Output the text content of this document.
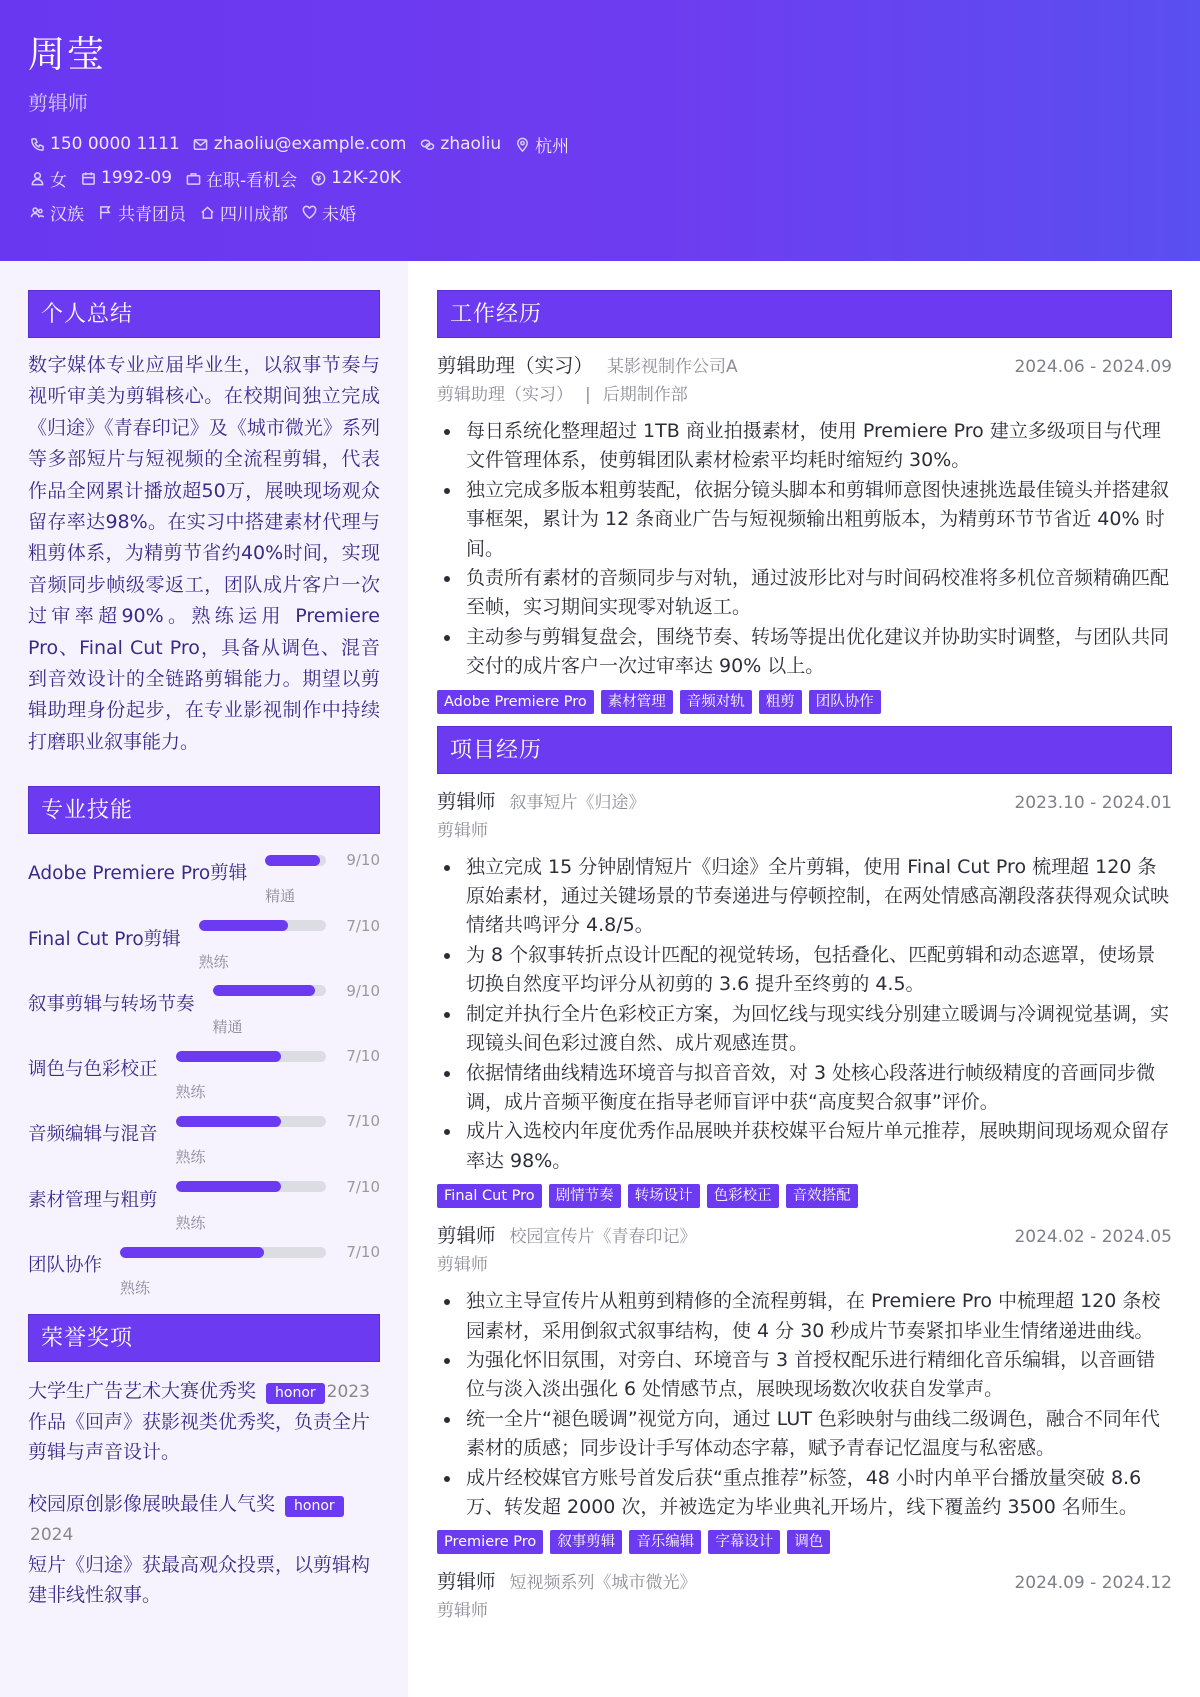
周莹
剪辑师
150 0000 1111 zhaoliu@example.com zhaoliu 杭州
女 1992-09 在职-看机会 12K-20K
汉族 共青团员 四川成都 未婚
个人总结
数字媒体专业应届毕业生，以叙事节奏与视听审美为剪辑核心。在校期间独立完成《归途》《青春印记》及《城市微光》系列等多部短片与短视频的全流程剪辑，代表作品全网累计播放超50万，展映现场观众留存率达98%。在实习中搭建素材代理与粗剪体系，为精剪节省约40%时间，实现音频同步帧级零返工，团队成片客户一次过审率超90%。熟练运用 Premiere Pro、Final Cut Pro，具备从调色、混音到音效设计的全链路剪辑能力。期望以剪辑助理身份起步，在专业影视制作中持续打磨职业叙事能力。
专业技能
Adobe Premiere Pro剪辑
9/10
精通
Final Cut Pro剪辑
7/10
熟练
叙事剪辑与转场节奏
9/10
精通
调色与色彩校正
7/10
熟练
音频编辑与混音
7/10
熟练
素材管理与粗剪
7/10
熟练
团队协作
7/10
熟练
荣誉奖项
大学生广告艺术大赛优秀奖 honor 2023
作品《回声》获影视类优秀奖，负责全片剪辑与声音设计。
校园原创影像展映最佳人气奖 honor2024
短片《归途》获最高观众投票，以剪辑构建非线性叙事。
工作经历
剪辑助理（实习） 某影视制作公司A	2024.06 - 2024.09
剪辑助理（实习） | 后期制作部
每日系统化整理超过 1TB 商业拍摄素材，使用 Premiere Pro 建立多级项目与代理文件管理体系，使剪辑团队素材检索平均耗时缩短约 30%。
独立完成多版本粗剪装配，依据分镜头脚本和剪辑师意图快速挑选最佳镜头并搭建叙事框架，累计为 12 条商业广告与短视频输出粗剪版本，为精剪环节节省近 40% 时间。
负责所有素材的音频同步与对轨，通过波形比对与时间码校准将多机位音频精确匹配至帧，实习期间实现零对轨返工。
主动参与剪辑复盘会，围绕节奏、转场等提出优化建议并协助实时调整，与团队共同交付的成片客户一次过审率达 90% 以上。
Adobe Premiere Pro	素材管理	音频对轨	粗剪	团队协作
项目经历
剪辑师 叙事短片《归途》	2023.10 - 2024.01
剪辑师
独立完成 15 分钟剧情短片《归途》全片剪辑，使用 Final Cut Pro 梳理超 120 条原始素材，通过关键场景的节奏递进与停顿控制，在两处情感高潮段落获得观众试映情绪共鸣评分 4.8/5。
为 8 个叙事转折点设计匹配的视觉转场，包括叠化、匹配剪辑和动态遮罩，使场景切换自然度平均评分从初剪的 3.6 提升至终剪的 4.5。
制定并执行全片色彩校正方案，为回忆线与现实线分别建立暖调与冷调视觉基调，实现镜头间色彩过渡自然、成片观感连贯。
依据情绪曲线精选环境音与拟音音效，对 3 处核心段落进行帧级精度的音画同步微调，成片音频平衡度在指导老师盲评中获“高度契合叙事”评价。
成片入选校内年度优秀作品展映并获校媒平台短片单元推荐，展映期间现场观众留存率达 98%。
Final Cut Pro	剧情节奏	转场设计	色彩校正	音效搭配
剪辑师 校园宣传片《青春印记》	2024.02 - 2024.05
剪辑师
独立主导宣传片从粗剪到精修的全流程剪辑，在 Premiere Pro 中梳理超 120 条校园素材，采用倒叙式叙事结构，使 4 分 30 秒成片节奏紧扣毕业生情绪递进曲线。
为强化怀旧氛围，对旁白、环境音与 3 首授权配乐进行精细化音乐编辑，以音画错位与淡入淡出强化 6 处情感节点，展映现场数次收获自发掌声。
统一全片“褪色暖调”视觉方向，通过 LUT 色彩映射与曲线二级调色，融合不同年代素材的质感；同步设计手写体动态字幕，赋予青春记忆温度与私密感。
成片经校媒官方账号首发后获“重点推荐”标签，48 小时内单平台播放量突破 8.6 万、转发超 2000 次，并被选定为毕业典礼开场片，线下覆盖约 3500 名师生。
Premiere Pro	叙事剪辑	音乐编辑	字幕设计	调色
剪辑师 短视频系列《城市微光》	2024.09 - 2024.12
剪辑师
